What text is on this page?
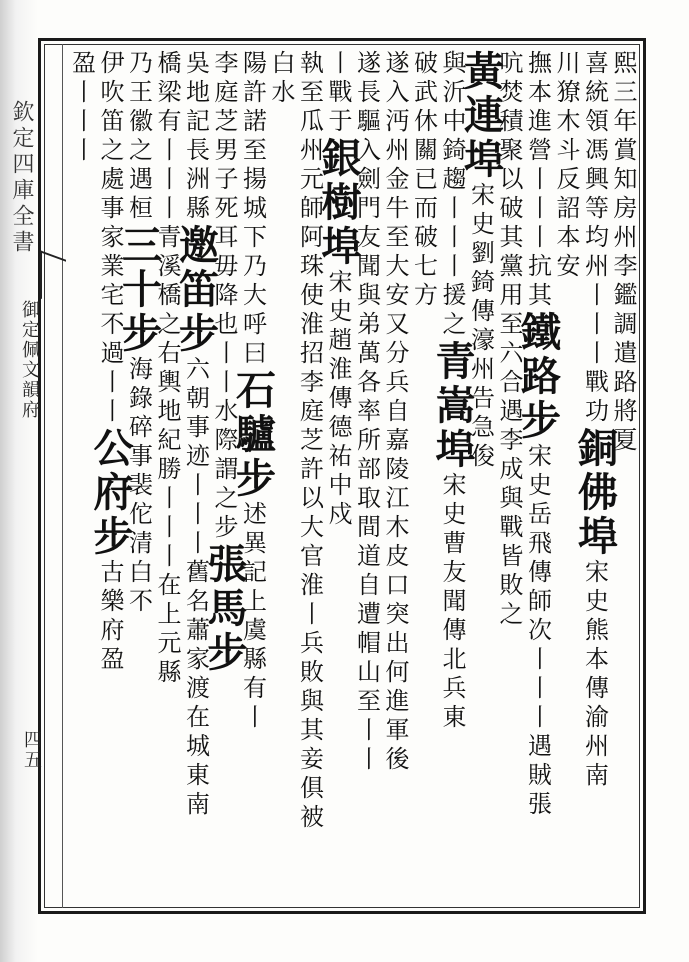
欽定四庫全書
御定佩文韻府
四五
熙三年賞知房州李鑑調遣路將夏
喜統領馮興等均州丨丨丨戰功銅佛埠宋史熊本傳渝州南
川獠木斗反詔本安
撫本進營丨丨丨抗其鐵路步宋史岳飛傳師次丨丨丨遇賊張
吭焚積聚以破其黨用至六合遇李成與戰皆敗之
黃連埠宋史劉錡傳濠州告急俊
與沂中錡趨丨丨丨援之青嵩埠宋史曹友聞傳北兵東
破武休關已而破七方
遂入沔州金牛至大安又分兵自嘉陵江木皮口突出何進軍後
遂長驅入劍門友聞與弟萬各率所部取間道自遭帽山至丨丨
丨戰于銀樹埠宋史趙淮傳德祐中戍
執至瓜州元師阿珠使淮招李庭芝許以大官淮丨兵敗與其妾俱被
白水
陽許諾至揚城下乃大呼曰石驢步述異記上虞縣有丨
李庭芝男子死耳毋降也丨丨水際謂之步張馬步
吳地記長洲縣邀笛步六朝事迹丨丨丨舊名蕭家渡在城東南
橋梁有丨丨丨青溪橋之右輿地紀勝丨丨丨在上元縣
乃王徽之遇桓三十步海錄碎事裴佗清白不
伊吹笛之處事家業宅不過丨丨公府步古樂府盈
盈丨丨丨
